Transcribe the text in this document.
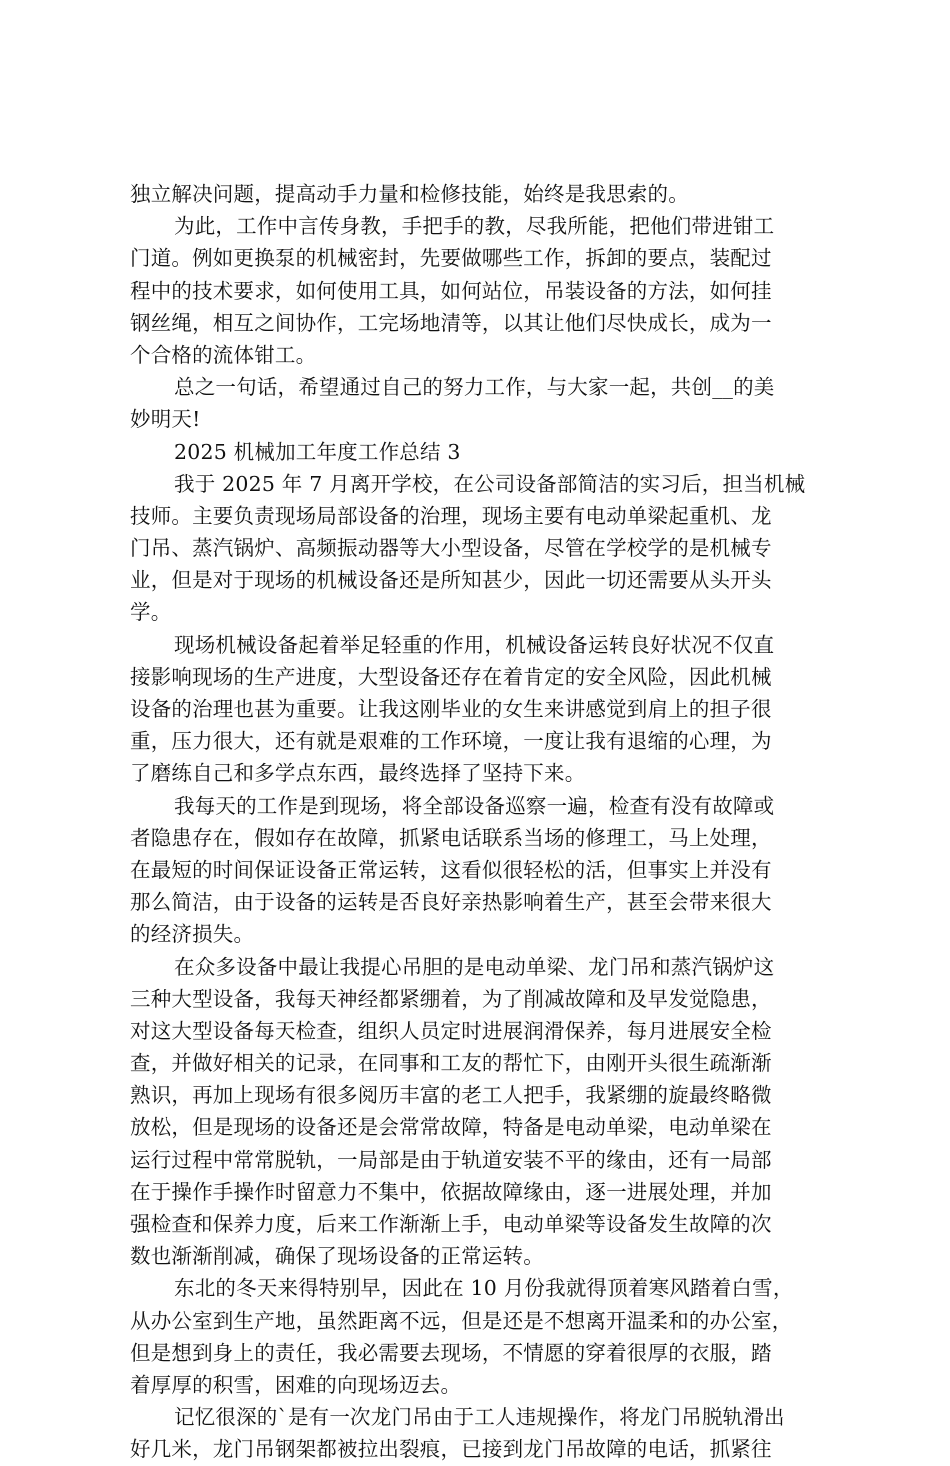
独立解决问题，提高动手力量和检修技能，始终是我思索的。
为此，工作中言传身教，手把手的教，尽我所能，把他们带进钳工
门道。例如更换泵的机械密封，先要做哪些工作，拆卸的要点，装配过
程中的技术要求，如何使用工具，如何站位，吊装设备的方法，如何挂
钢丝绳，相互之间协作，工完场地清等，以其让他们尽快成长，成为一
个合格的流体钳工。
总之一句话，希望通过自己的努力工作，与大家一起，共创__的美
妙明天!
2025 机械加工年度工作总结 3
我于 2025 年 7 月离开学校，在公司设备部简洁的实习后，担当机械
技师。主要负责现场局部设备的治理，现场主要有电动单梁起重机、龙
门吊、蒸汽锅炉、高频振动器等大小型设备，尽管在学校学的是机械专
业，但是对于现场的机械设备还是所知甚少，因此一切还需要从头开头
学。
现场机械设备起着举足轻重的作用，机械设备运转良好状况不仅直
接影响现场的生产进度，大型设备还存在着肯定的安全风险，因此机械
设备的治理也甚为重要。让我这刚毕业的女生来讲感觉到肩上的担子很
重，压力很大，还有就是艰难的工作环境，一度让我有退缩的心理，为
了磨练自己和多学点东西，最终选择了坚持下来。
我每天的工作是到现场，将全部设备巡察一遍，检查有没有故障或
者隐患存在，假如存在故障，抓紧电话联系当场的修理工，马上处理，
在最短的时间保证设备正常运转，这看似很轻松的活，但事实上并没有
那么简洁，由于设备的运转是否良好亲热影响着生产，甚至会带来很大
的经济损失。
在众多设备中最让我提心吊胆的是电动单梁、龙门吊和蒸汽锅炉这
三种大型设备，我每天神经都紧绷着，为了削减故障和及早发觉隐患，
对这大型设备每天检查，组织人员定时进展润滑保养，每月进展安全检
查，并做好相关的记录，在同事和工友的帮忙下，由刚开头很生疏渐渐
熟识，再加上现场有很多阅历丰富的老工人把手，我紧绷的旋最终略微
放松，但是现场的设备还是会常常故障，特备是电动单梁，电动单梁在
运行过程中常常脱轨，一局部是由于轨道安装不平的缘由，还有一局部
在于操作手操作时留意力不集中，依据故障缘由，逐一进展处理，并加
强检查和保养力度，后来工作渐渐上手，电动单梁等设备发生故障的次
数也渐渐削减，确保了现场设备的正常运转。
东北的冬天来得特别早，因此在 10 月份我就得顶着寒风踏着白雪，
从办公室到生产地，虽然距离不远，但是还是不想离开温柔和的办公室，
但是想到身上的责任，我必需要去现场，不情愿的穿着很厚的衣服，踏
着厚厚的积雪，困难的向现场迈去。
记忆很深的`是有一次龙门吊由于工人违规操作，将龙门吊脱轨滑出
好几米，龙门吊钢架都被拉出裂痕，已接到龙门吊故障的电话，抓紧往
